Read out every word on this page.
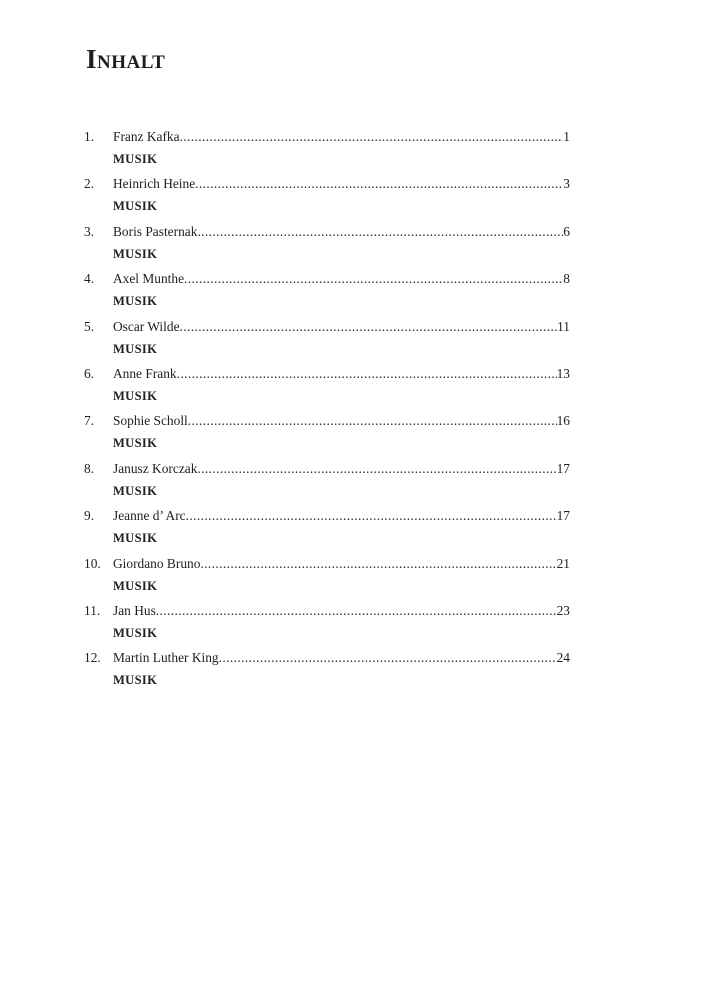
Inhalt
1.	Franz Kafka .....	1
MUSIK
2.	Heinrich Heine .....	3
MUSIK
3.	Boris Pasternak .....	6
MUSIK
4.	Axel Munthe .....	8
MUSIK
5.	Oscar Wilde .....	11
MUSIK
6.	Anne Frank .....	13
MUSIK
7.	Sophie Scholl .....	16
MUSIK
8.	Janusz Korczak .....	17
MUSIK
9.	Jeanne d’ Arc .....	17
MUSIK
10. Giordano Bruno .....	21
MUSIK
11. Jan Hus .....	23
MUSIK
12. Martin Luther King .....	24
MUSIK
